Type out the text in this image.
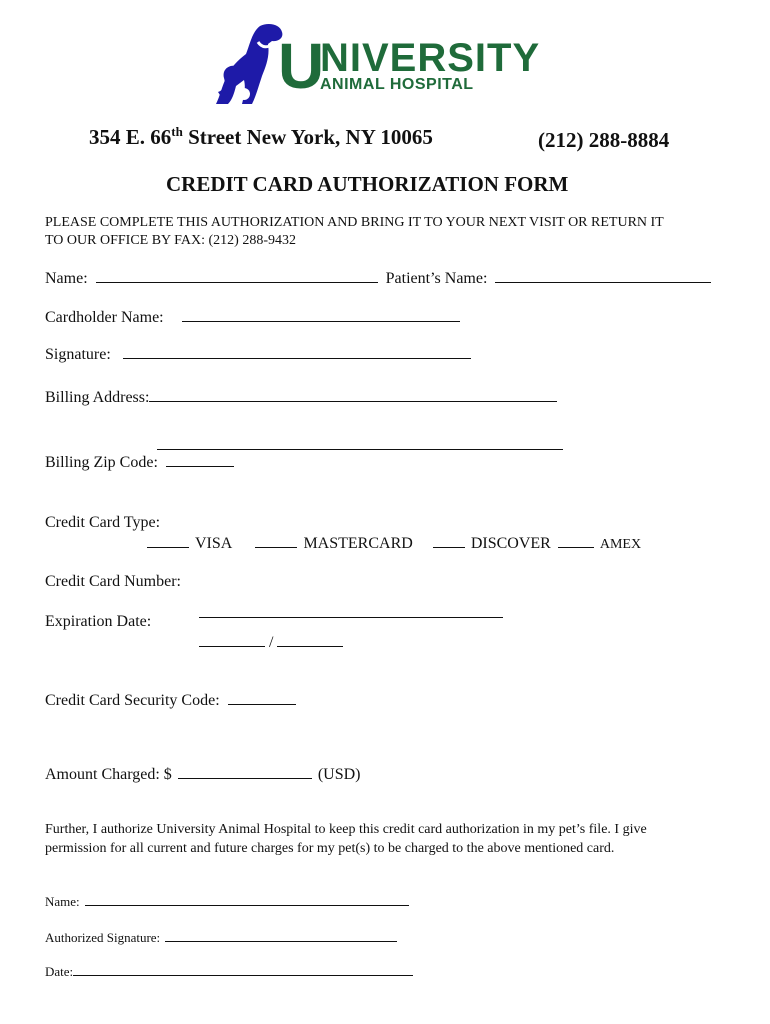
U
NIVERSITY
ANIMAL HOSPITAL
354 E. 66th Street New York, NY 10065	(212) 288-8884
CREDIT CARD AUTHORIZATION FORM
PLEASE COMPLETE THIS AUTHORIZATION AND BRING IT TO YOUR NEXT VISIT OR RETURN IT
TO OUR OFFICE BY FAX: (212) 288-9432
Name:	Patient’s Name:
Cardholder Name:
Signature:
Billing Address:
Billing Zip Code:
Credit Card Type:
VISA	MASTERCARD	DISCOVER	AMEX
Credit Card Number:
Expiration Date:
/
Credit Card Security Code:
Amount Charged: $	(USD)
Further, I authorize University Animal Hospital to keep this credit card authorization in my pet’s file. I give
permission for all current and future charges for my pet(s) to be charged to the above mentioned card.
Name:
Authorized Signature:
Date:
